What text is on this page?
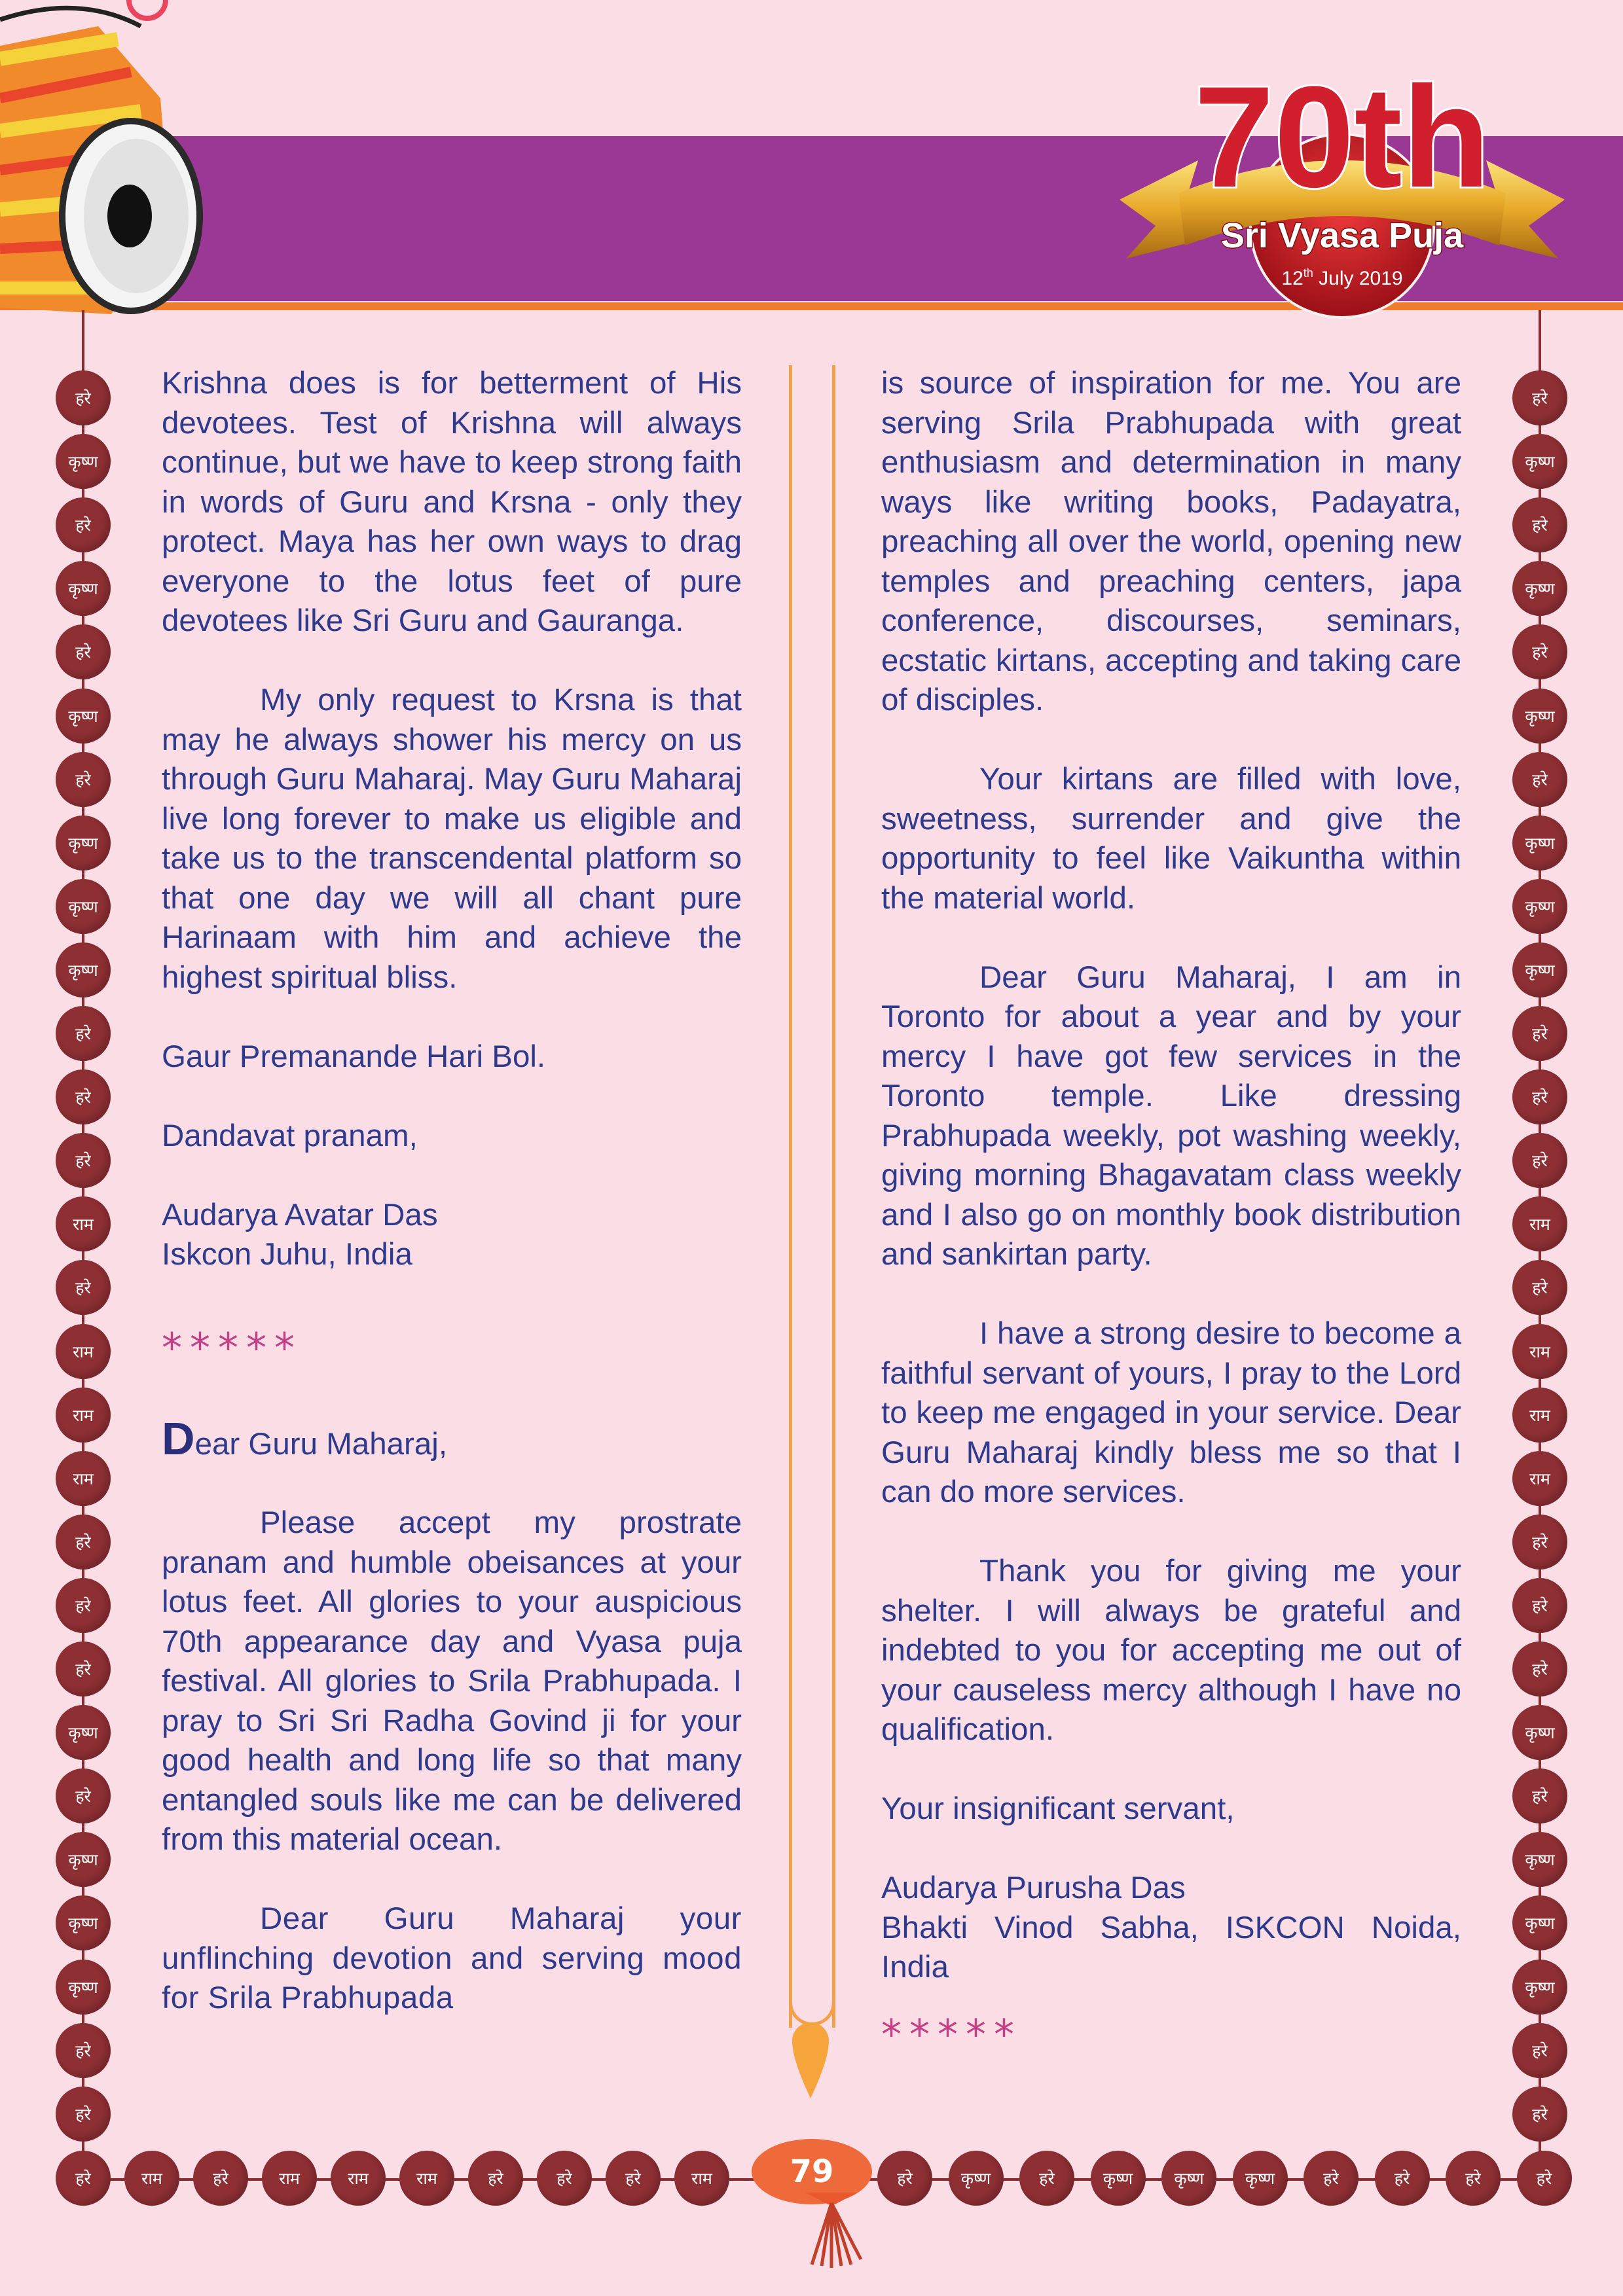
70th
Sri Vyasa Puja
12th July 2019
हरे
कृष्ण
हरे
कृष्ण
हरे
कृष्ण
हरे
कृष्ण
कृष्ण
कृष्ण
हरे
हरे
हरे
राम
हरे
राम
राम
राम
हरे
हरे
हरे
कृष्ण
हरे
कृष्ण
कृष्ण
कृष्ण
हरे
हरे
हरे
कृष्ण
हरे
कृष्ण
हरे
कृष्ण
हरे
कृष्ण
कृष्ण
कृष्ण
हरे
हरे
हरे
राम
हरे
राम
राम
राम
हरे
हरे
हरे
कृष्ण
हरे
कृष्ण
कृष्ण
कृष्ण
हरे
हरे
हरे	राम	हरे	राम	राम	राम	हरे	हरे	हरे	राम	हरे	कृष्ण	हरे	कृष्ण	कृष्ण	कृष्ण	हरे	हरे	हरे	हरे
79

Krishna does is for betterment of His devotees. Test of Krishna will always continue, but we have to keep strong faith in words of Guru and Krsna - only they protect. Maya has her own ways to drag everyone to the lotus feet of pure devotees like Sri Guru and Gauranga.

My only request to Krsna is that may he always shower his mercy on us through Guru Maharaj. May Guru Maharaj live long forever to make us eligible and take us to the transcendental platform so that one day we will all chant pure Harinaam with him and achieve the highest spiritual bliss.

Gaur Premanande Hari Bol.

Dandavat pranam,

Audarya Avatar Das

Iskcon Juhu, India

*****

Dear Guru Maharaj,

Please accept my prostrate pranam and humble obeisances at your lotus feet. All glories to your auspicious 70th appearance day and Vyasa puja festival. All glories to Srila Prabhupada. I pray to Sri Sri Radha Govind ji for your good health and long life so that many entangled souls like me can be delivered from this material ocean.

Dear Guru Maharaj your unflinching devotion and serving mood for Srila Prabhupada

is source of inspiration for me. You are serving Srila Prabhupada with great enthusiasm and determination in many ways like writing books, Padayatra, preaching all over the world, opening new temples and preaching centers, japa conference, discourses, seminars, ecstatic kirtans, accepting and taking care of disciples.

Your kirtans are filled with love, sweetness, surrender and give the opportunity to feel like Vaikuntha within the material world.

Dear Guru Maharaj, I am in Toronto for about a year and by your mercy I have got few services in the Toronto temple. Like dressing Prabhupada weekly, pot washing weekly, giving morning Bhagavatam class weekly and I also go on monthly book distribution and sankirtan party.

I have a strong desire to become a faithful servant of yours, I pray to the Lord to keep me engaged in your service. Dear Guru Maharaj kindly bless me so that I can do more services.

Thank you for giving me your shelter. I will always be grateful and indebted to you for accepting me out of your causeless mercy although I have no qualification.

Your insignificant servant,

Audarya Purusha Das

Bhakti Vinod Sabha, ISKCON Noida,

India

*****
